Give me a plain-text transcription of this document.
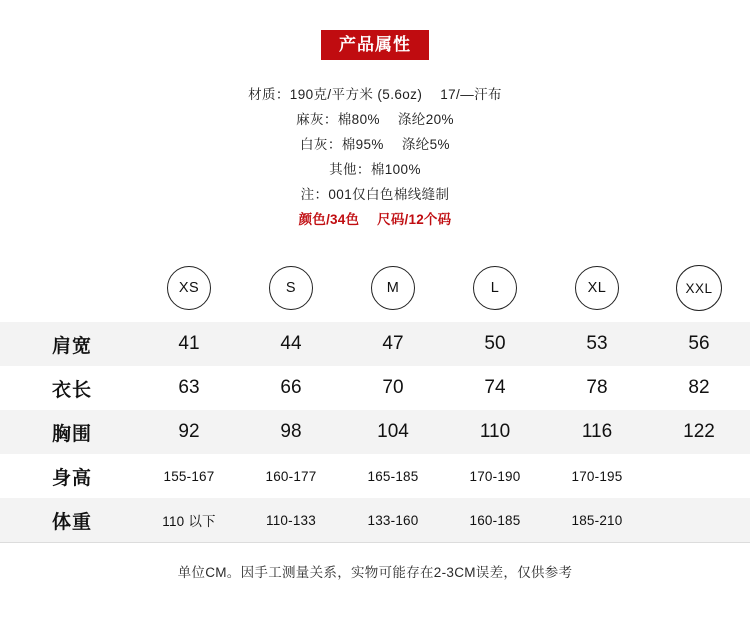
产品属性
材质：190克/平方米 (5.6oz) 17/—汗布
麻灰：棉80% 涤纶20%
白灰：棉95% 涤纶5%
其他：棉100%
注：001仅白色棉线缝制
颜色/34色 尺码/12个码
XS	S	M	L	XL	XXL
肩宽	41	44	47	50	53	56
衣长	63	66	70	74	78	82
胸围	92	98	104	110	116	122
身高	155-167	160-177	165-185	170-190	170-195
体重	110 以下	110-133	133-160	160-185	185-210
单位CM。因手工测量关系，实物可能存在2-3CM误差，仅供参考
